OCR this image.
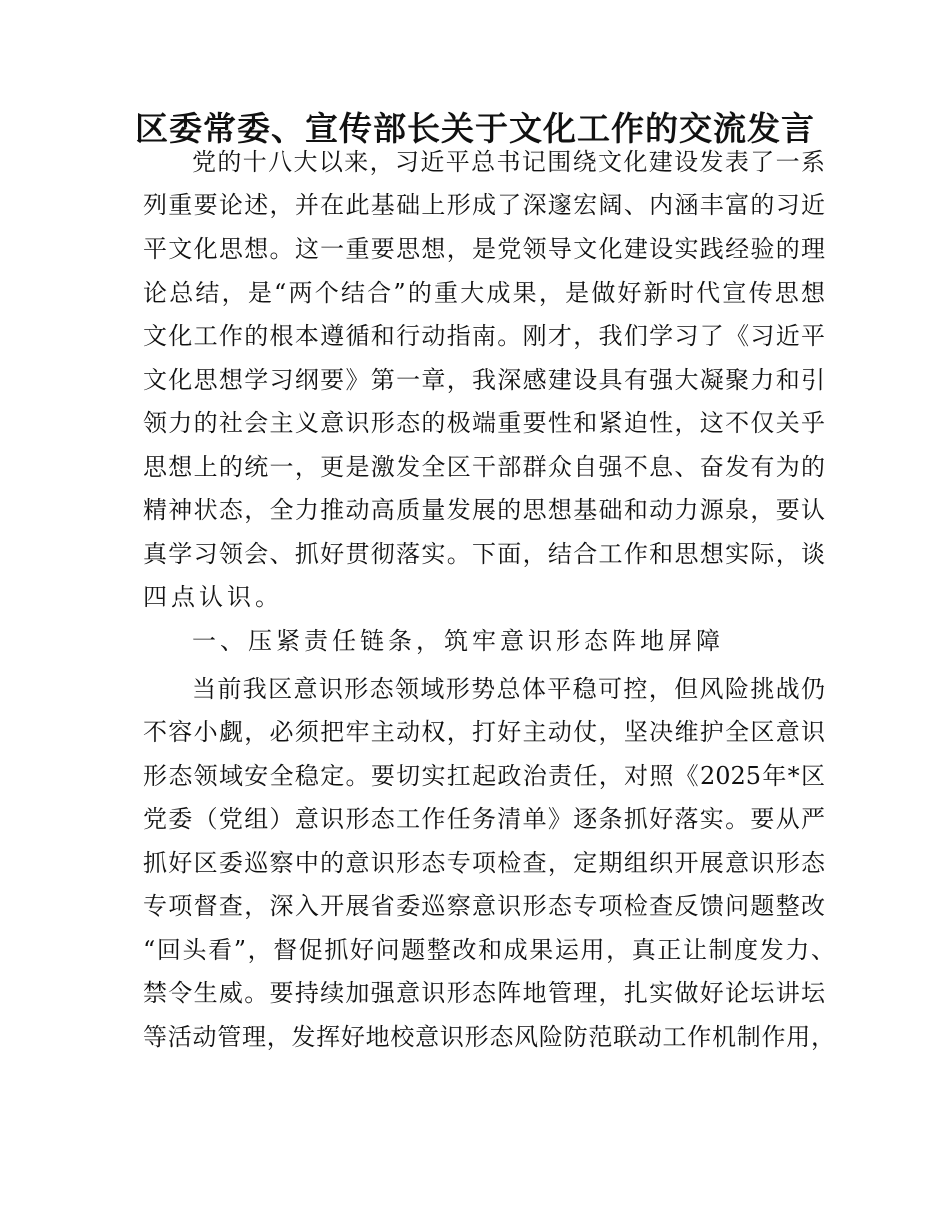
区委常委、宣传部长关于文化工作的交流发言
党的十八大以来，习近平总书记围绕文化建设发表了一系
列重要论述，并在此基础上形成了深邃宏阔、内涵丰富的习近
平文化思想。这一重要思想，是党领导文化建设实践经验的理
论总结，是“两个结合”的重大成果，是做好新时代宣传思想
文化工作的根本遵循和行动指南。刚才，我们学习了《习近平
文化思想学习纲要》第一章，我深感建设具有强大凝聚力和引
领力的社会主义意识形态的极端重要性和紧迫性，这不仅关乎
思想上的统一，更是激发全区干部群众自强不息、奋发有为的
精神状态，全力推动高质量发展的思想基础和动力源泉，要认
真学习领会、抓好贯彻落实。下面，结合工作和思想实际，谈
四点认识。
一、压紧责任链条，筑牢意识形态阵地屏障
当前我区意识形态领域形势总体平稳可控，但风险挑战仍
不容小觑，必须把牢主动权，打好主动仗，坚决维护全区意识
形态领域安全稳定。要切实扛起政治责任，对照《2025年*区
党委（党组）意识形态工作任务清单》逐条抓好落实。要从严
抓好区委巡察中的意识形态专项检查，定期组织开展意识形态
专项督查，深入开展省委巡察意识形态专项检查反馈问题整改
“回头看”，督促抓好问题整改和成果运用，真正让制度发力、
禁令生威。要持续加强意识形态阵地管理，扎实做好论坛讲坛
等活动管理，发挥好地校意识形态风险防范联动工作机制作用，
